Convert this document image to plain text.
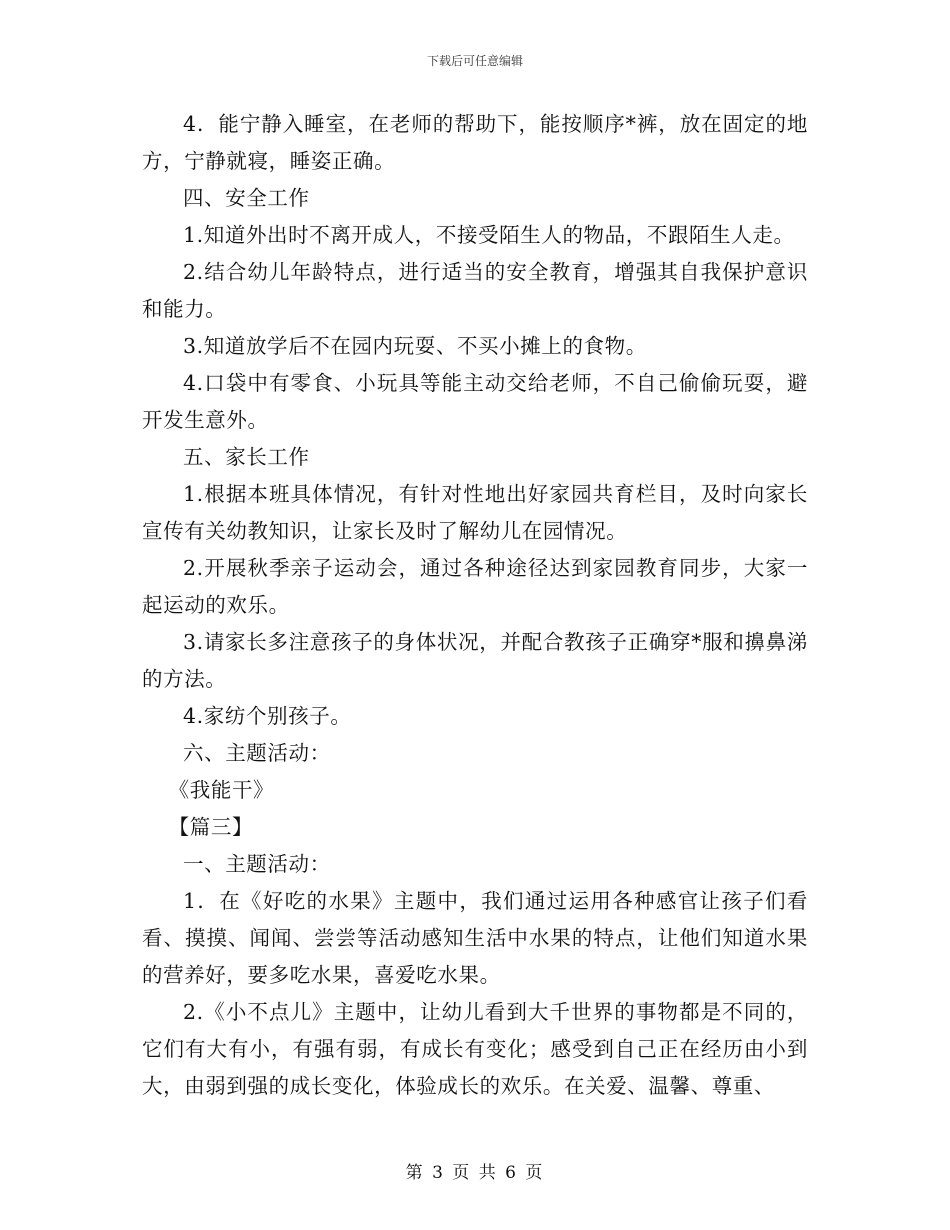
下载后可任意编辑

4．能宁静入睡室，在老师的帮助下，能按顺序*裤，放在固定的地方，宁静就寝，睡姿正确。

四、安全工作

1.知道外出时不离开成人，不接受陌生人的物品，不跟陌生人走。

2.结合幼儿年龄特点，进行适当的安全教育，增强其自我保护意识和能力。

3.知道放学后不在园内玩耍、不买小摊上的食物。

4.口袋中有零食、小玩具等能主动交给老师，不自己偷偷玩耍，避开发生意外。

五、家长工作

1.根据本班具体情况，有针对性地出好家园共育栏目，及时向家长宣传有关幼教知识，让家长及时了解幼儿在园情况。

2.开展秋季亲子运动会，通过各种途径达到家园教育同步，大家一起运动的欢乐。

3.请家长多注意孩子的身体状况，并配合教孩子正确穿*服和擤鼻涕的方法。

4.家纺个别孩子。

六、主题活动：

《我能干》

【篇三】

一、主题活动：

1．在《好吃的水果》主题中，我们通过运用各种感官让孩子们看看、摸摸、闻闻、尝尝等活动感知生活中水果的特点，让他们知道水果的营养好，要多吃水果，喜爱吃水果。

2.《小不点儿》主题中，让幼儿看到大千世界的事物都是不同的，它们有大有小，有强有弱，有成长有变化；感受到自己正在经历由小到大，由弱到强的成长变化，体验成长的欢乐。在关爱、温馨、尊重、

第 3 页 共 6 页
